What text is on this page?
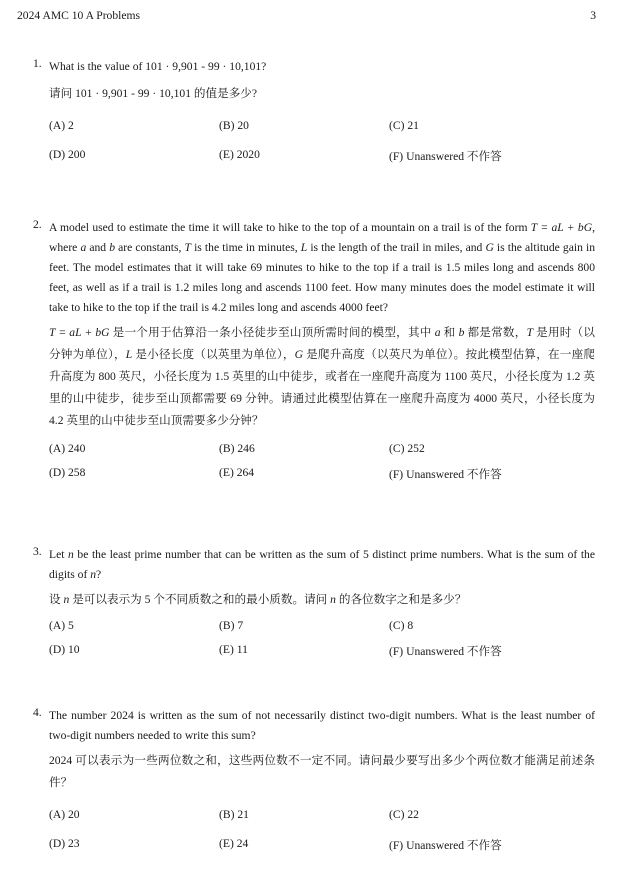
2024 AMC 10 A Problems	3
1. What is the value of 101 · 9,901 - 99 · 10,101?
请问 101 · 9,901 - 99 · 10,101 的值是多少?
(A) 2	(B) 20	(C) 21
(D) 200	(E) 2020	(F) Unanswered 不作答
2. A model used to estimate the time it will take to hike to the top of a mountain on a trail is of the form T = aL + bG, where a and b are constants, T is the time in minutes, L is the length of the trail in miles, and G is the altitude gain in feet. The model estimates that it will take 69 minutes to hike to the top if a trail is 1.5 miles long and ascends 800 feet, as well as if a trail is 1.2 miles long and ascends 1100 feet. How many minutes does the model estimate it will take to hike to the top if the trail is 4.2 miles long and ascends 4000 feet?
T = aL + bG 是一个用于估算沿一条小径徒步至山顶所需时间的模型，其中 a 和 b 都是常数，T 是用时（以分钟为单位），L 是小径长度（以英里为单位），G 是爬升高度（以英尺为单位）。按此模型估算，在一座爬升高度为 800 英尺，小径长度为 1.5 英里的山中徒步，或者在一座爬升高度为 1100 英尺，小径长度为 1.2 英里的山中徒步，徒步至山顶都需要 69 分钟。请通过此模型估算在一座爬升高度为 4000 英尺，小径长度为 4.2 英里的山中徒步至山顶需要多少分钟？
(A) 240	(B) 246	(C) 252
(D) 258	(E) 264	(F) Unanswered 不作答
3. Let n be the least prime number that can be written as the sum of 5 distinct prime numbers. What is the sum of the digits of n?
设 n 是可以表示为 5 个不同质数之和的最小质数。请问 n 的各位数字之和是多少？
(A) 5	(B) 7	(C) 8
(D) 10	(E) 11	(F) Unanswered 不作答
4. The number 2024 is written as the sum of not necessarily distinct two-digit numbers. What is the least number of two-digit numbers needed to write this sum?
2024 可以表示为一些两位数之和，这些两位数不一定不同。请问最少要写出多少个两位数才能满足前述条件？
(A) 20	(B) 21	(C) 22
(D) 23	(E) 24	(F) Unanswered 不作答
